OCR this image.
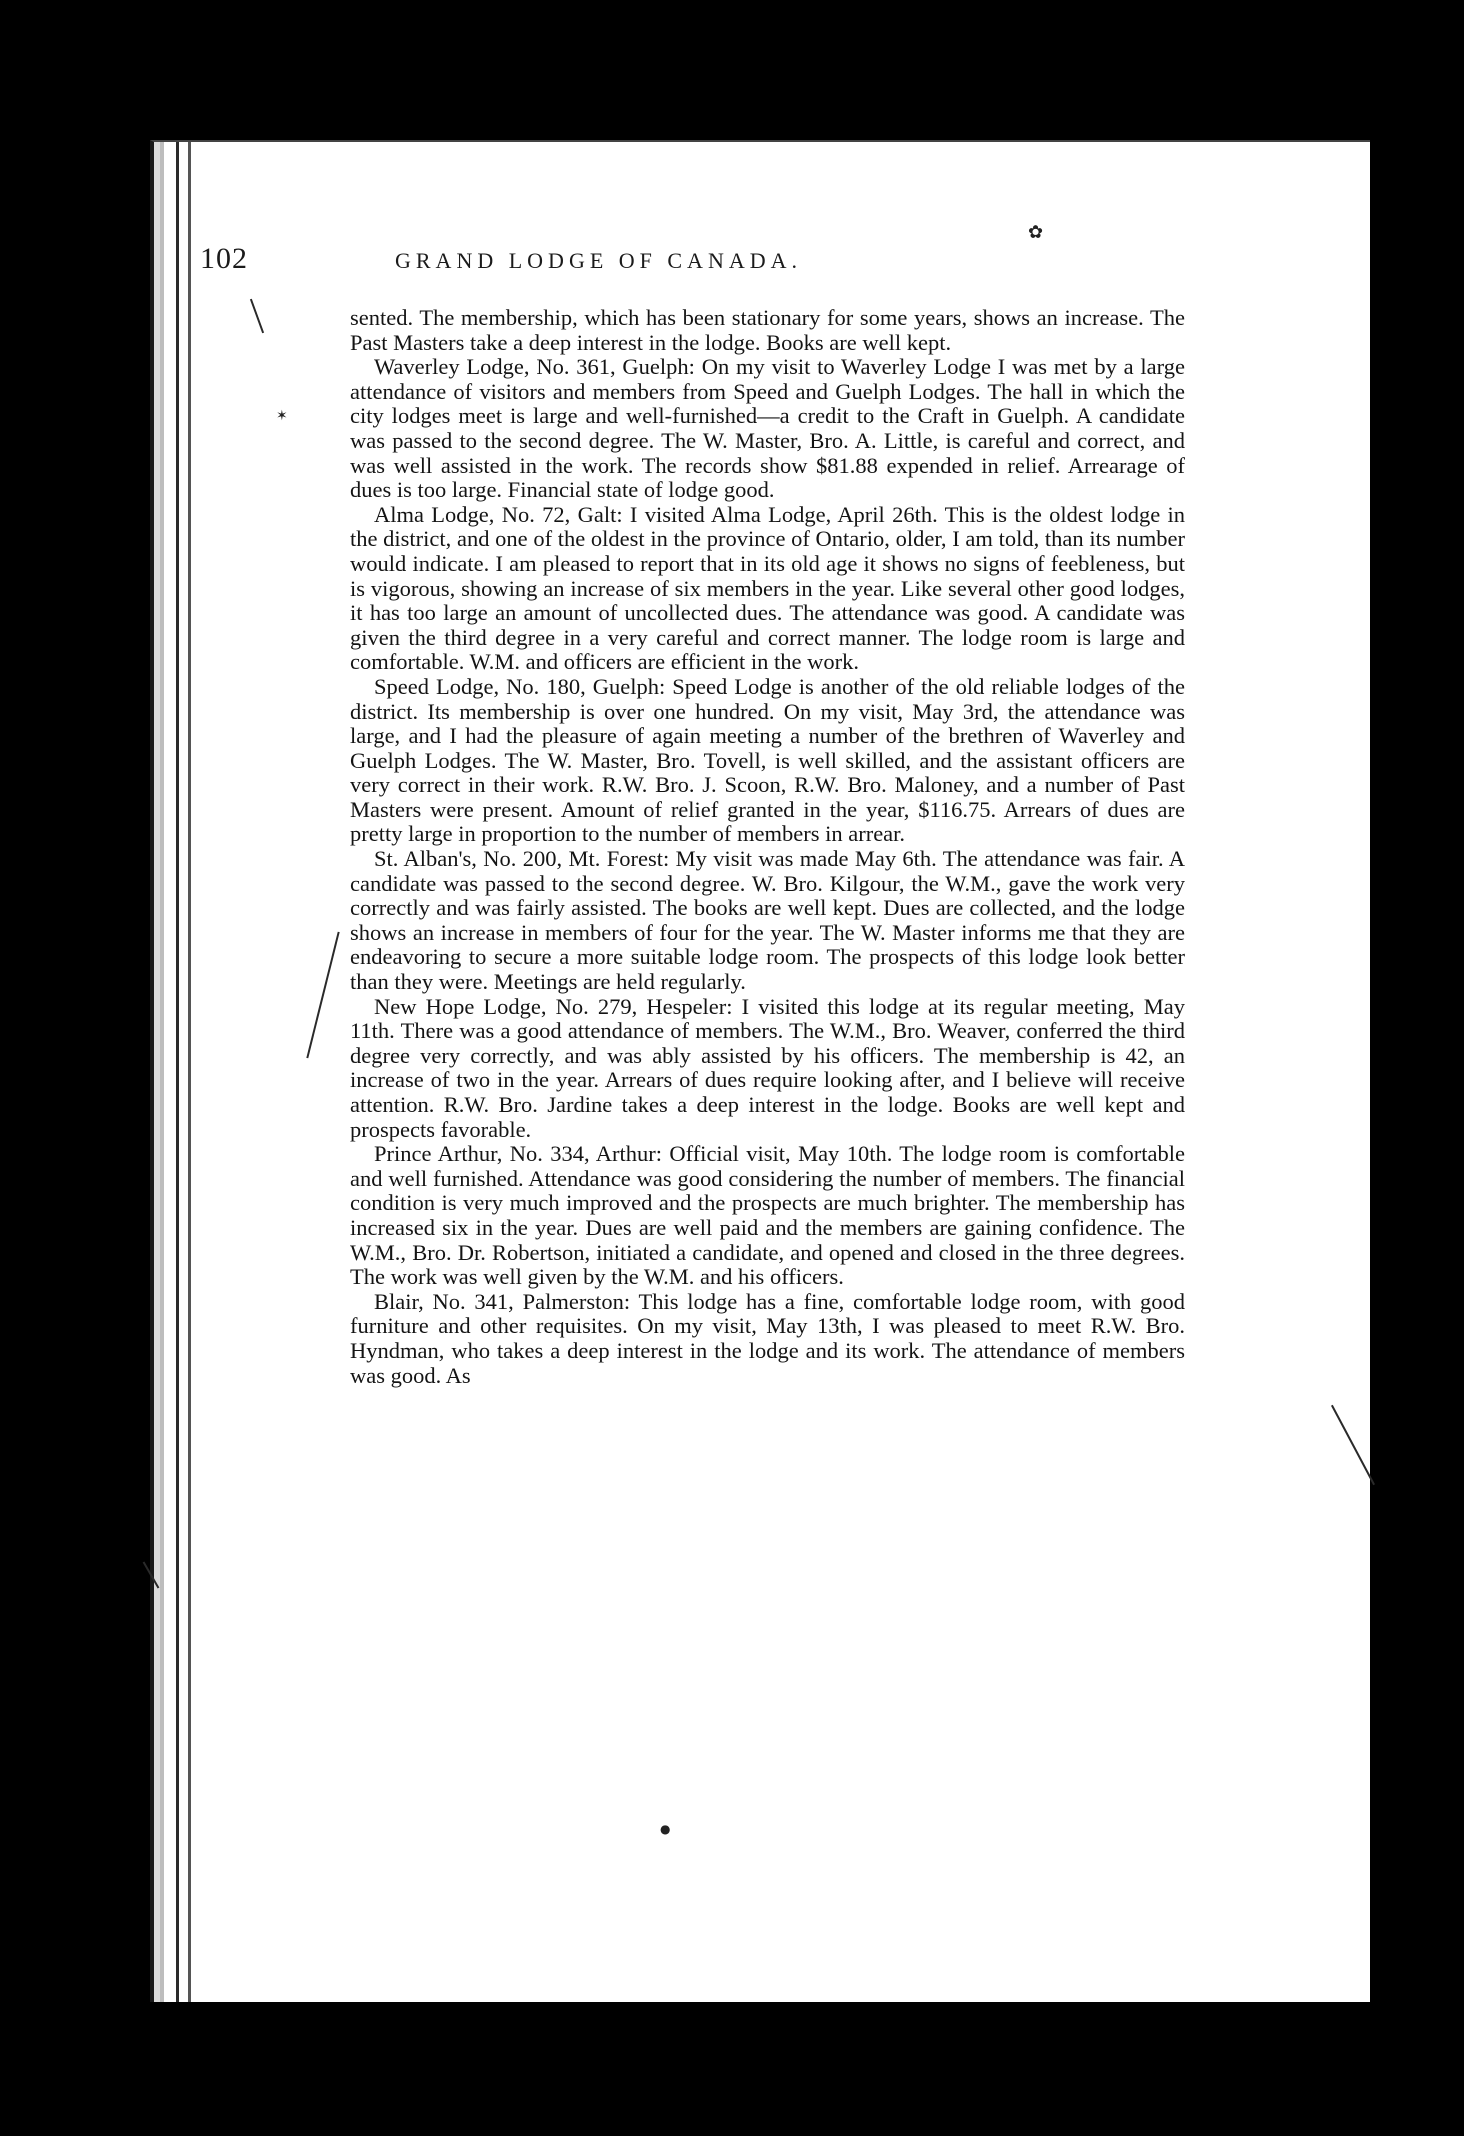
102	GRAND LODGE OF CANADA.

sented. The membership, which has been stationary for some years, shows an increase. The Past Masters take a deep interest in the lodge. Books are well kept.

Waverley Lodge, No. 361, Guelph: On my visit to Waverley Lodge I was met by a large attendance of visitors and members from Speed and Guelph Lodges. The hall in which the city lodges meet is large and well-furnished—a credit to the Craft in Guelph. A candidate was passed to the second degree. The W. Master, Bro. A. Little, is careful and correct, and was well assisted in the work. The records show $81.88 expended in relief. Arrearage of dues is too large. Financial state of lodge good.

Alma Lodge, No. 72, Galt: I visited Alma Lodge, April 26th. This is the oldest lodge in the district, and one of the oldest in the province of Ontario, older, I am told, than its number would indicate. I am pleased to report that in its old age it shows no signs of feebleness, but is vigorous, showing an increase of six members in the year. Like several other good lodges, it has too large an amount of uncollected dues. The attendance was good. A candidate was given the third degree in a very careful and correct manner. The lodge room is large and comfortable. W.M. and officers are efficient in the work.

Speed Lodge, No. 180, Guelph: Speed Lodge is another of the old reliable lodges of the district. Its membership is over one hundred. On my visit, May 3rd, the attendance was large, and I had the pleasure of again meeting a number of the brethren of Waverley and Guelph Lodges. The W. Master, Bro. Tovell, is well skilled, and the assistant officers are very correct in their work. R.W. Bro. J. Scoon, R.W. Bro. Maloney, and a number of Past Masters were present. Amount of relief granted in the year, $116.75. Arrears of dues are pretty large in proportion to the number of members in arrear.

St. Alban's, No. 200, Mt. Forest: My visit was made May 6th. The attendance was fair. A candidate was passed to the second degree. W. Bro. Kilgour, the W.M., gave the work very correctly and was fairly assisted. The books are well kept. Dues are collected, and the lodge shows an increase in members of four for the year. The W. Master informs me that they are endeavoring to secure a more suitable lodge room. The prospects of this lodge look better than they were. Meetings are held regularly.

New Hope Lodge, No. 279, Hespeler: I visited this lodge at its regular meeting, May 11th. There was a good attendance of members. The W.M., Bro. Weaver, conferred the third degree very correctly, and was ably assisted by his officers. The membership is 42, an increase of two in the year. Arrears of dues require looking after, and I believe will receive attention. R.W. Bro. Jardine takes a deep interest in the lodge. Books are well kept and prospects favorable.

Prince Arthur, No. 334, Arthur: Official visit, May 10th. The lodge room is comfortable and well furnished. Attendance was good considering the number of members. The financial condition is very much improved and the prospects are much brighter. The membership has increased six in the year. Dues are well paid and the members are gaining confidence. The W.M., Bro. Dr. Robertson, initiated a candidate, and opened and closed in the three degrees. The work was well given by the W.M. and his officers.

Blair, No. 341, Palmerston: This lodge has a fine, comfortable lodge room, with good furniture and other requisites. On my visit, May 13th, I was pleased to meet R.W. Bro. Hyndman, who takes a deep interest in the lodge and its work. The attendance of members was good. As

✿
✶
●
